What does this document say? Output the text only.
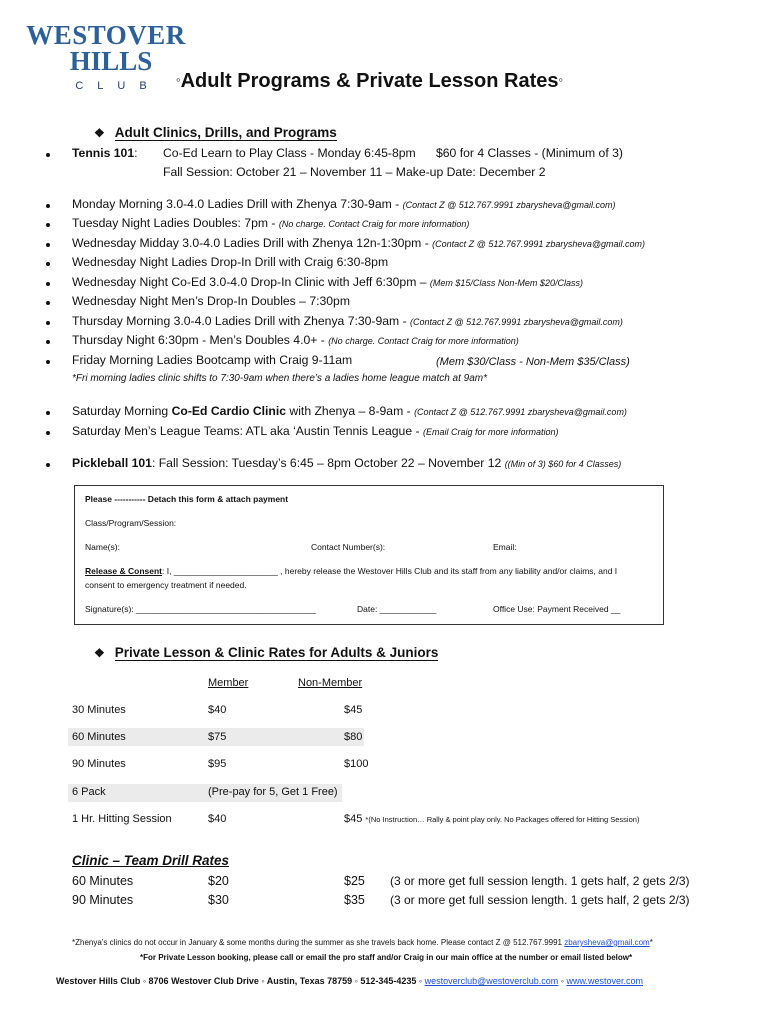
WESTOVER
HILLS
CLUB	◦Adult Programs & Private Lesson Rates◦
❖ Adult Clinics, Drills, and Programs
Tennis 101: Co-Ed Learn to Play Class - Monday 6:45-8pm $60 for 4 Classes - (Minimum of 3)
Fall Session: October 21 – November 11 – Make-up Date: December 2
Monday Morning 3.0-4.0 Ladies Drill with Zhenya 7:30-9am - (Contact Z @ 512.767.9991 zbarysheva@gmail.com)
Tuesday Night Ladies Doubles: 7pm - (No charge. Contact Craig for more information)
Wednesday Midday 3.0-4.0 Ladies Drill with Zhenya 12n-1:30pm - (Contact Z @ 512.767.9991 zbarysheva@gmail.com)
Wednesday Night Ladies Drop-In Drill with Craig 6:30-8pm
Wednesday Night Co-Ed 3.0-4.0 Drop-In Clinic with Jeff 6:30pm – (Mem $15/Class Non-Mem $20/Class)
Wednesday Night Men’s Drop-In Doubles – 7:30pm
Thursday Morning 3.0-4.0 Ladies Drill with Zhenya 7:30-9am - (Contact Z @ 512.767.9991 zbarysheva@gmail.com)
Thursday Night 6:30pm - Men’s Doubles 4.0+ - (No charge. Contact Craig for more information)
Friday Morning Ladies Bootcamp with Craig 9-11am	(Mem $30/Class - Non-Mem $35/Class)
*Fri morning ladies clinic shifts to 7:30-9am when there’s a ladies home league match at 9am*
Saturday Morning Co-Ed Cardio Clinic with Zhenya – 8-9am - (Contact Z @ 512.767.9991 zbarysheva@gmail.com)
Saturday Men’s League Teams: ATL aka ‘Austin Tennis League - (Email Craig for more information)
Pickleball 101: Fall Session: Tuesday’s 6:45 – 8pm October 22 – November 12 ((Min of 3) $60 for 4 Classes)
Please ----------- Detach this form & attach payment
Class/Program/Session:
Name(s):	Contact Number(s):	Email:
Release & Consent: I, ______________________ , hereby release the Westover Hills Club and its staff from any liability and/or claims, and I
consent to emergency treatment if needed.
Signature(s): ______________________________________	Date: ____________	Office Use: Payment Received __
❖ Private Lesson & Clinic Rates for Adults & Juniors
Member	Non-Member
30 Minutes	$40	$45
60 Minutes	$75	$80
90 Minutes	$95	$100
6 Pack	(Pre-pay for 5, Get 1 Free)
1 Hr. Hitting Session	$40	$45 *(No Instruction… Rally & point play only. No Packages offered for Hitting Session)
Clinic – Team Drill Rates
60 Minutes	$20	$25 (3 or more get full session length. 1 gets half, 2 gets 2/3)
90 Minutes	$30	$35 (3 or more get full session length. 1 gets half, 2 gets 2/3)
*Zhenya’s clinics do not occur in January & some months during the summer as she travels back home. Please contact Z @ 512.767.9991 zbarysheva@gmail.com*
*For Private Lesson booking, please call or email the pro staff and/or Craig in our main office at the number or email listed below*
Westover Hills Club ◦ 8706 Westover Club Drive ◦ Austin, Texas 78759 ◦ 512-345-4235 ◦ westoverclub@westoverclub.com ◦ www.westover.com
